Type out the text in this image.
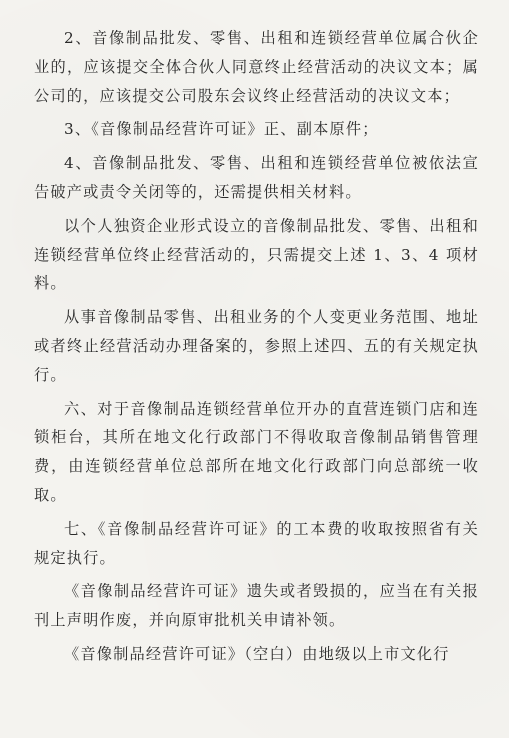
2、音像制品批发、零售、出租和连锁经营单位属合伙企业的，应该提交全体合伙人同意终止经营活动的决议文本；属公司的，应该提交公司股东会议终止经营活动的决议文本；

3、《音像制品经营许可证》正、副本原件；

4、音像制品批发、零售、出租和连锁经营单位被依法宣告破产或责令关闭等的，还需提供相关材料。

以个人独资企业形式设立的音像制品批发、零售、出租和连锁经营单位终止经营活动的，只需提交上述 1、3、4 项材料。

从事音像制品零售、出租业务的个人变更业务范围、地址或者终止经营活动办理备案的，参照上述四、五的有关规定执行。

六、对于音像制品连锁经营单位开办的直营连锁门店和连锁柜台，其所在地文化行政部门不得收取音像制品销售管理费，由连锁经营单位总部所在地文化行政部门向总部统一收取。

七、《音像制品经营许可证》的工本费的收取按照省有关规定执行。

《音像制品经营许可证》遗失或者毁损的，应当在有关报刊上声明作废，并向原审批机关申请补领。

《音像制品经营许可证》（空白）由地级以上市文化行
